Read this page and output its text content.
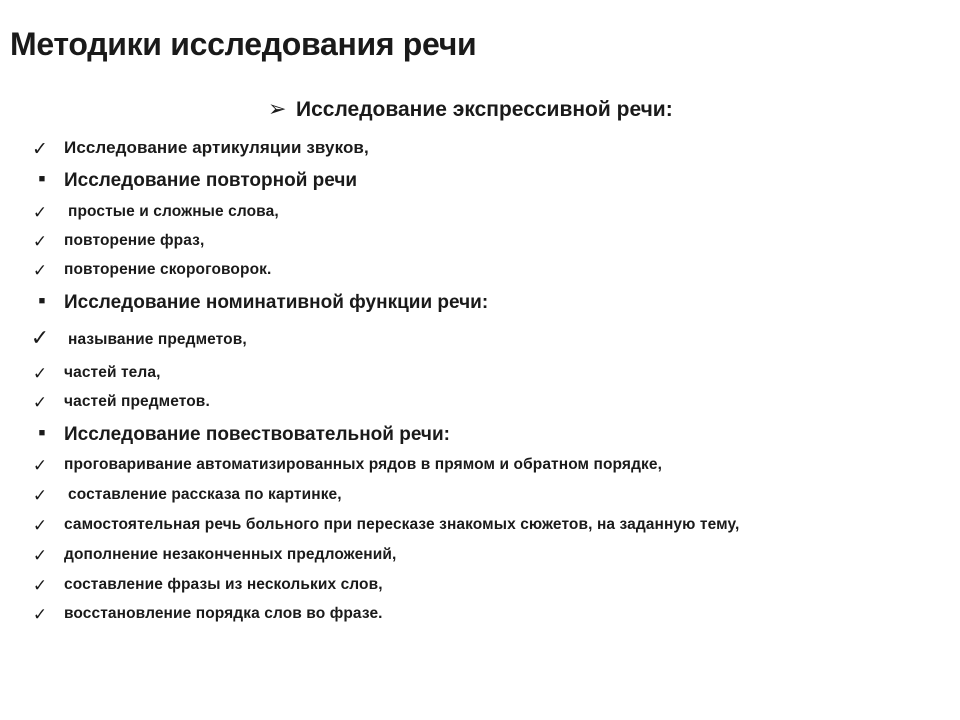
Методики исследования речи
➢ Исследование экспрессивной речи:
✓ Исследование артикуляции звуков,
■ Исследование повторной речи
✓ простые и сложные слова,
✓ повторение фраз,
✓ повторение скороговорок.
■ Исследование номинативной функции речи:
✓ называние предметов,
✓ частей тела,
✓ частей предметов.
■ Исследование повествовательной речи:
✓ проговаривание автоматизированных рядов в прямом и обратном порядке,
✓ составление рассказа по картинке,
✓ самостоятельная речь больного при пересказе знакомых сюжетов, на заданную тему,
✓ дополнение незаконченных предложений,
✓ составление фразы из нескольких слов,
✓ восстановление порядка слов во фразе.
